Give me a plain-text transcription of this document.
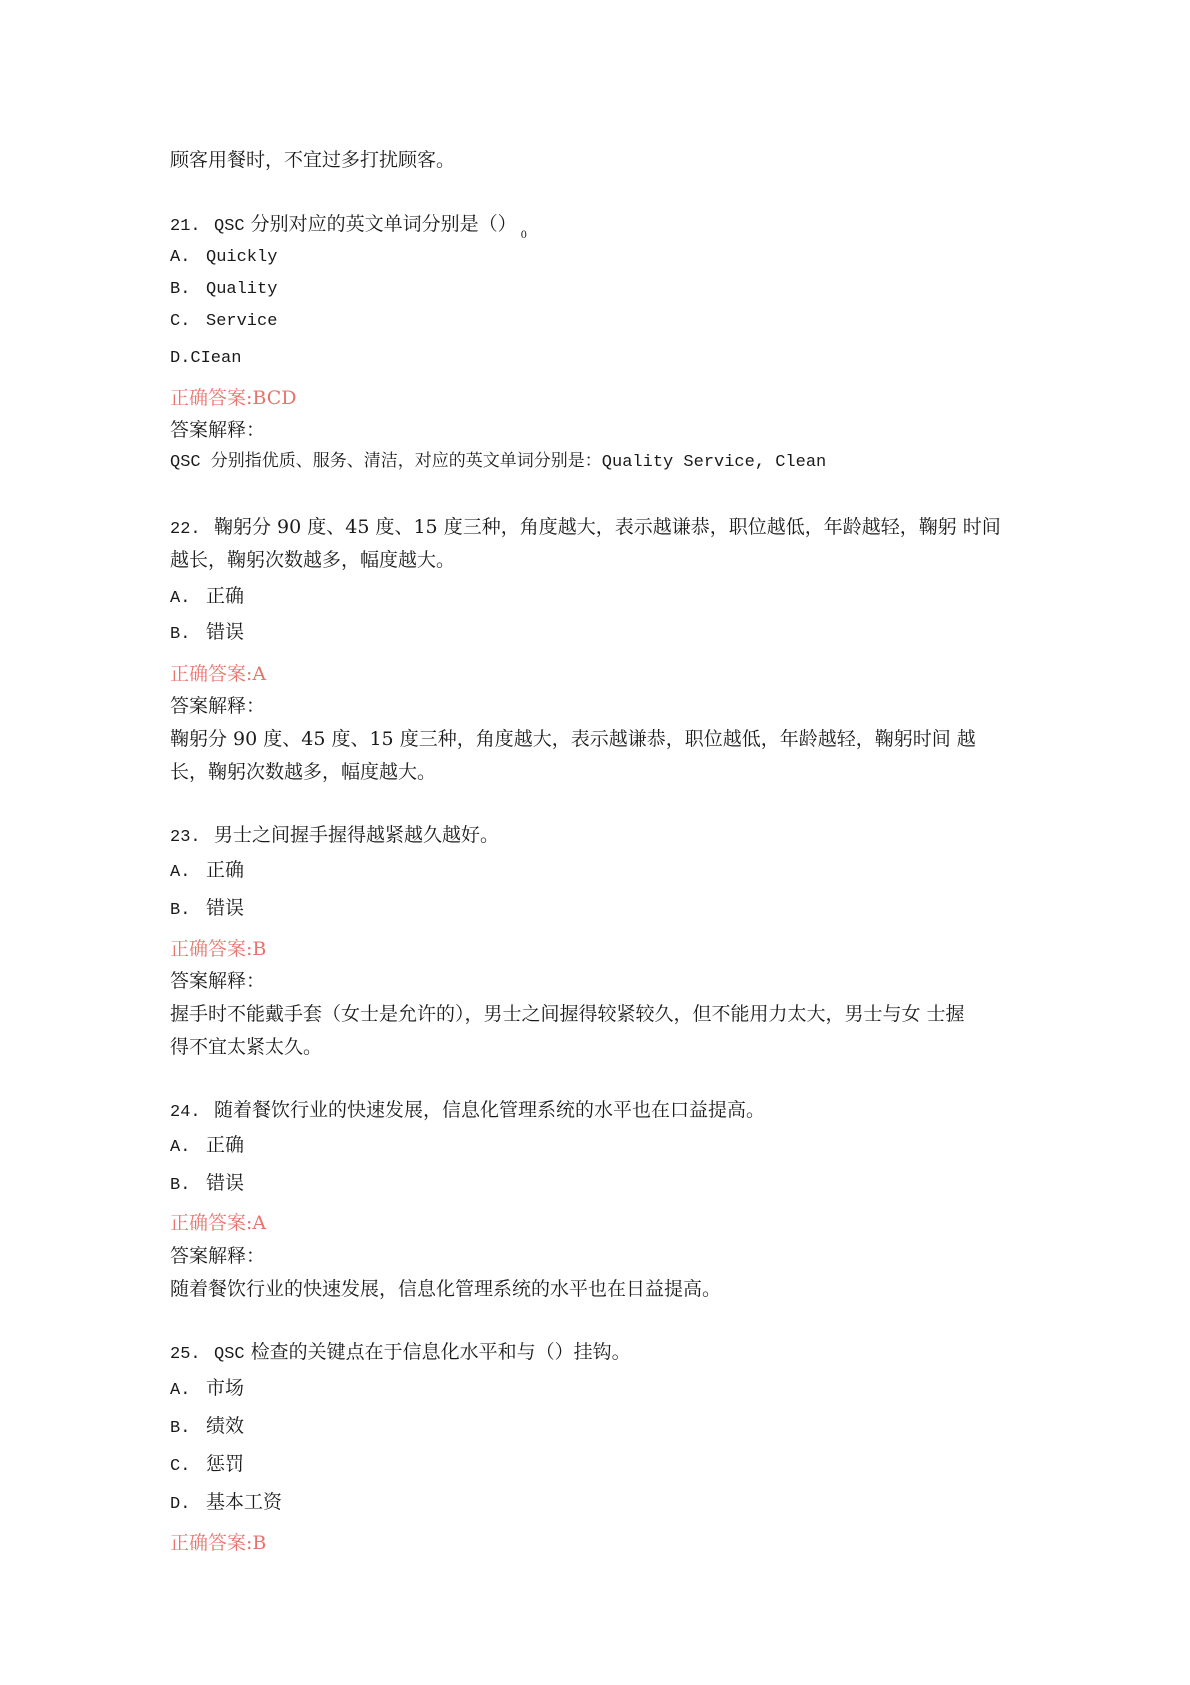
顾客用餐时，不宜过多打扰顾客。
21. QSC 分别对应的英文单词分别是$()_0$
A. Quickly
B. Quality
C. Service
D.CIean
正确答案:BCD
答案解释：
QSC 分别指优质、服务、清洁，对应的英文单词分别是：Quality Service, Clean
22. 鞠躬分 90 度、45 度、15 度三种，角度越大，表示越谦恭，职位越低，年龄越轻，鞠躬 时间
越长，鞠躬次数越多，幅度越大。
A. 正确
B. 错误
正确答案:A
答案解释：
鞠躬分 90 度、45 度、15 度三种，角度越大，表示越谦恭，职位越低，年龄越轻，鞠躬时间 越
长，鞠躬次数越多，幅度越大。
23. 男士之间握手握得越紧越久越好。
A. 正确
B. 错误
正确答案:B
答案解释：
握手时不能戴手套（女士是允许的），男士之间握得较紧较久，但不能用力太大，男士与女 士握
得不宜太紧太久。
24. 随着餐饮行业的快速发展，信息化管理系统的水平也在口益提高。
A. 正确
B. 错误
正确答案:A
答案解释：
随着餐饮行业的快速发展，信息化管理系统的水平也在日益提高。
25. QSC 检查的关键点在于信息化水平和与（）挂钩。
A. 市场
B. 绩效
C. 惩罚
D. 基本工资
正确答案:B
